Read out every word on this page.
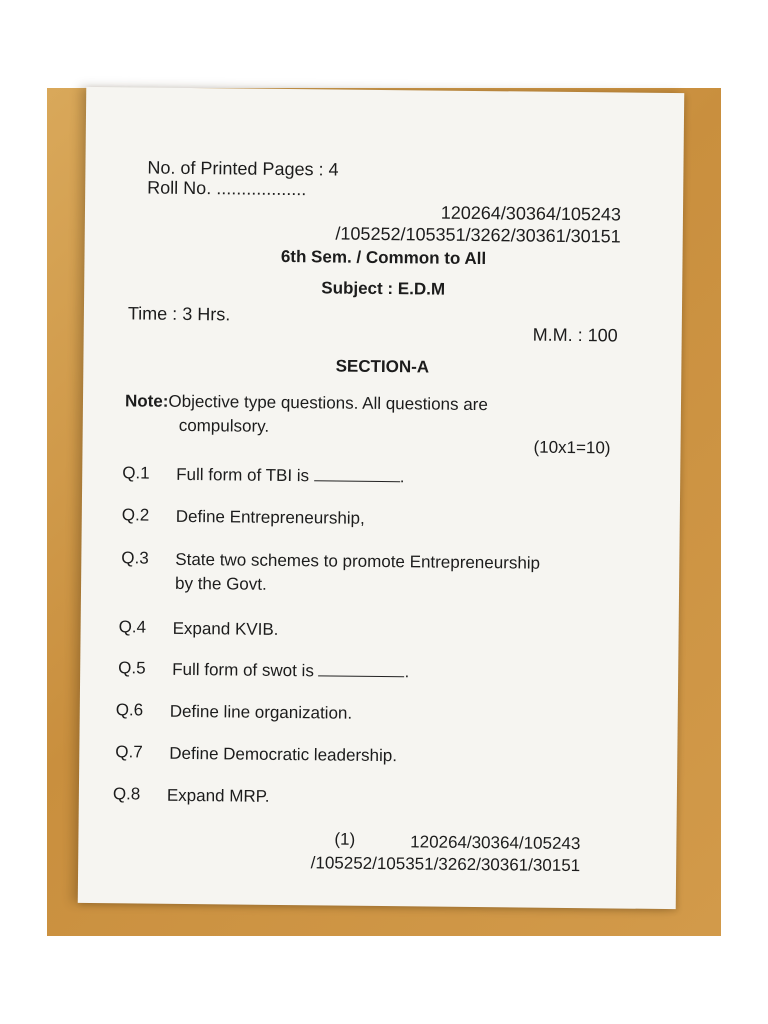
No. of Printed Pages : 4
Roll No. ..................
120264/30364/105243
/105252/105351/3262/30361/30151
6th Sem. / Common to All
Subject : E.D.M
Time : 3 Hrs.
M.M. : 100
SECTION-A
Note:Objective type questions. All questions are
compulsory.
(10x1=10)
Q.1 Full form of TBI is	.
Q.2 Define Entrepreneurship,
Q.3 State two schemes to promote Entrepreneurship
by the Govt.
Q.4 Expand KVIB.
Q.5 Full form of swot is	.
Q.6 Define line organization.
Q.7 Define Democratic leadership.
Q.8 Expand MRP.
(1)	120264/30364/105243
/105252/105351/3262/30361/30151
